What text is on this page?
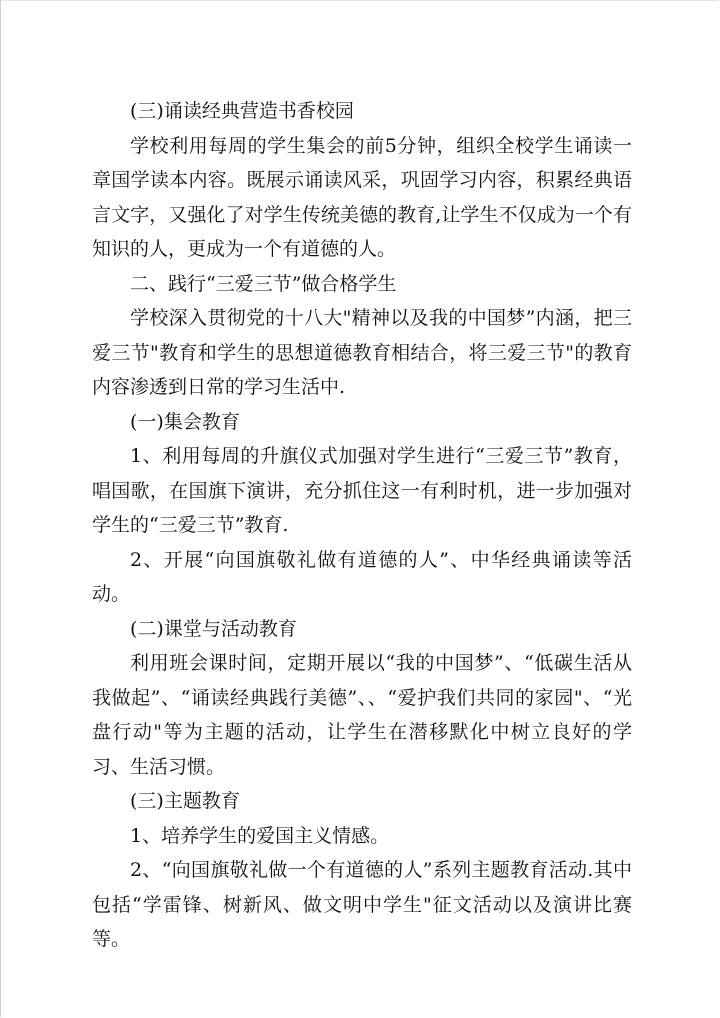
(三)诵读经典营造书香校园

学校利用每周的学生集会的前5分钟，组织全校学生诵读一章国学读本内容。既展示诵读风采，巩固学习内容，积累经典语言文字，又强化了对学生传统美德的教育,让学生不仅成为一个有知识的人，更成为一个有道德的人。

二、践行“三爱三节”做合格学生

学校深入贯彻党的十八大"精神以及我的中国梦”内涵，把三爱三节"教育和学生的思想道德教育相结合，将三爱三节"的教育内容渗透到日常的学习生活中.

(一)集会教育

1、利用每周的升旗仪式加强对学生进行“三爱三节”教育，唱国歌，在国旗下演讲，充分抓住这一有利时机，进一步加强对学生的“三爱三节”教育.

2、开展“向国旗敬礼做有道德的人”、中华经典诵读等活动。

(二)课堂与活动教育

利用班会课时间，定期开展以“我的中国梦”、“低碳生活从我做起”、“诵读经典践行美德”、、“爱护我们共同的家园"、“光盘行动"等为主题的活动，让学生在潜移默化中树立良好的学习、生活习惯。

(三)主题教育

1、培养学生的爱国主义情感。

2、“向国旗敬礼做一个有道德的人”系列主题教育活动.其中包括“学雷锋、树新风、做文明中学生"征文活动以及演讲比赛等。
